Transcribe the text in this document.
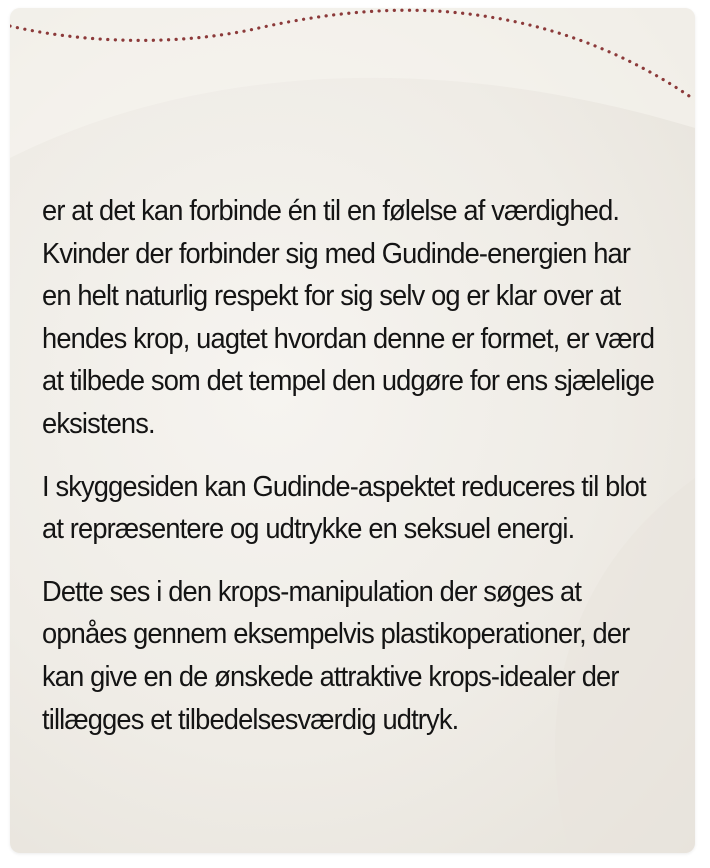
er at det kan forbinde én til en følelse af værdighed.
Kvinder der forbinder sig med Gudinde-energien har
en helt naturlig respekt for sig selv og er klar over at
hendes krop, uagtet hvordan denne er formet, er værd
at tilbede som det tempel den udgøre for ens sjælelige
eksistens.

I skyggesiden kan Gudinde-aspektet reduceres til blot
at repræsentere og udtrykke en seksuel energi.

Dette ses i den krops-manipulation der søges at
opnåes gennem eksempelvis plastikoperationer, der
kan give en de ønskede attraktive krops-idealer der
tillægges et tilbedelsesværdig udtryk.
